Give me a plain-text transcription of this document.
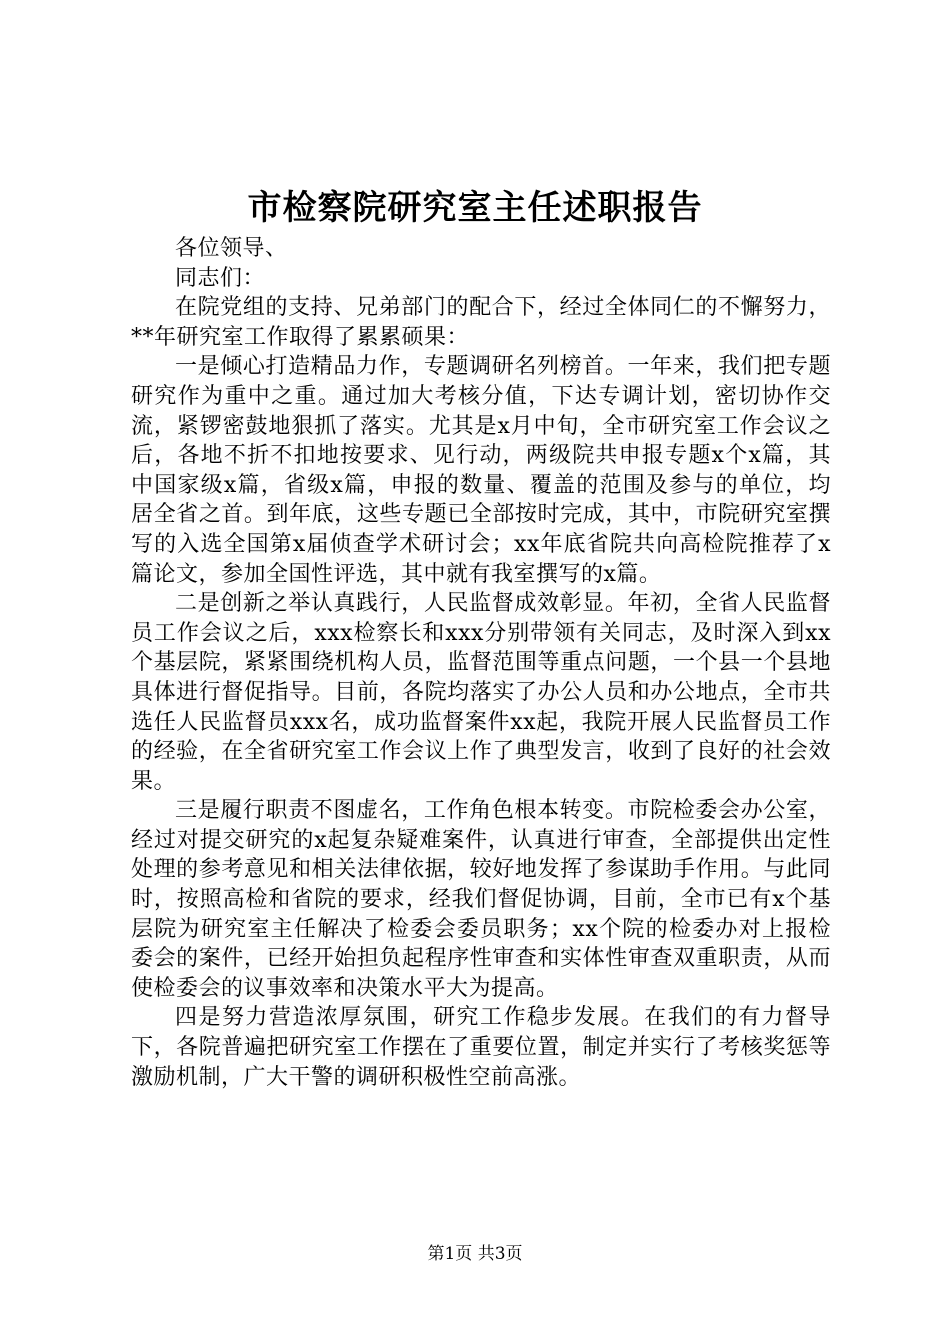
市检察院研究室主任述职报告

各位领导、

同志们：

在院党组的支持、兄弟部门的配合下，经过全体同仁的不懈努力，**年研究室工作取得了累累硕果：

一是倾心打造精品力作，专题调研名列榜首。一年来，我们把专题研究作为重中之重。通过加大考核分值，下达专调计划，密切协作交流，紧锣密鼓地狠抓了落实。尤其是x月中旬，全市研究室工作会议之后，各地不折不扣地按要求、见行动，两级院共申报专题x个x篇，其中国家级x篇，省级x篇，申报的数量、覆盖的范围及参与的单位，均居全省之首。到年底，这些专题已全部按时完成，其中，市院研究室撰写的入选全国第x届侦查学术研讨会；xx年底省院共向高检院推荐了x篇论文，参加全国性评选，其中就有我室撰写的x篇。

二是创新之举认真践行，人民监督成效彰显。年初，全省人民监督员工作会议之后，xxx检察长和xxx分别带领有关同志，及时深入到xx个基层院，紧紧围绕机构人员，监督范围等重点问题，一个县一个县地具体进行督促指导。目前，各院均落实了办公人员和办公地点，全市共选任人民监督员xxx名，成功监督案件xx起，我院开展人民监督员工作的经验，在全省研究室工作会议上作了典型发言，收到了良好的社会效果。

三是履行职责不图虚名，工作角色根本转变。市院检委会办公室，经过对提交研究的x起复杂疑难案件，认真进行审查，全部提供出定性处理的参考意见和相关法律依据，较好地发挥了参谋助手作用。与此同时，按照高检和省院的要求，经我们督促协调，目前，全市已有x个基层院为研究室主任解决了检委会委员职务；xx个院的检委办对上报检委会的案件，已经开始担负起程序性审查和实体性审查双重职责，从而使检委会的议事效率和决策水平大为提高。

四是努力营造浓厚氛围，研究工作稳步发展。在我们的有力督导下，各院普遍把研究室工作摆在了重要位置，制定并实行了考核奖惩等激励机制，广大干警的调研积极性空前高涨。

第1页 共3页
